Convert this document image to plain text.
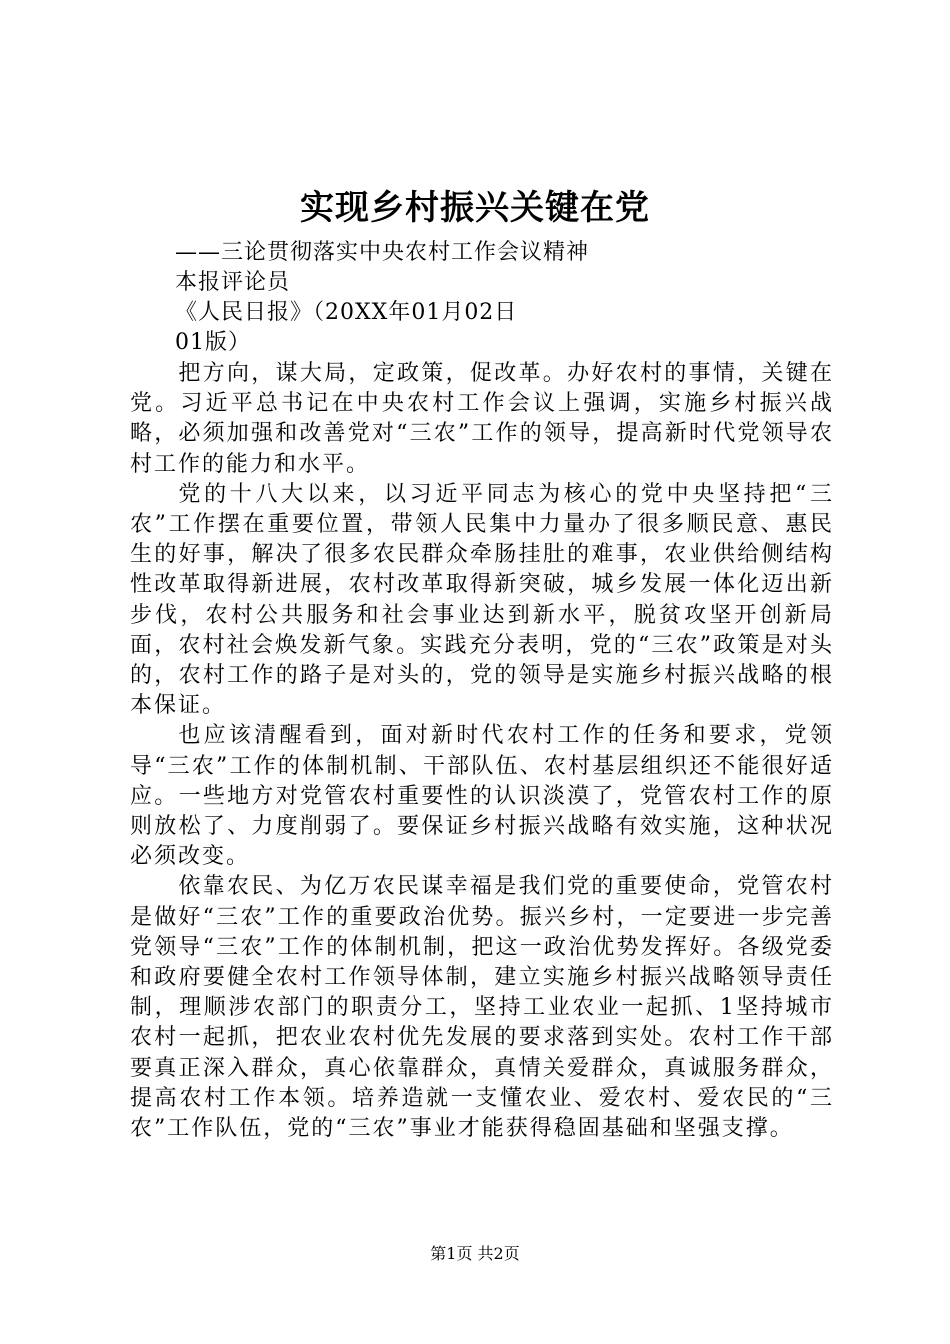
实现乡村振兴关键在党
——三论贯彻落实中央农村工作会议精神
本报评论员
《人民日报》（20XX年01月02日
01版）

把方向，谋大局，定政策，促改革。办好农村的事情，关键在党。习近平总书记在中央农村工作会议上强调，实施乡村振兴战略，必须加强和改善党对“三农”工作的领导，提高新时代党领导农村工作的能力和水平。

党的十八大以来，以习近平同志为核心的党中央坚持把“三农”工作摆在重要位置，带领人民集中力量办了很多顺民意、惠民生的好事，解决了很多农民群众牵肠挂肚的难事，农业供给侧结构性改革取得新进展，农村改革取得新突破，城乡发展一体化迈出新步伐，农村公共服务和社会事业达到新水平，脱贫攻坚开创新局面，农村社会焕发新气象。实践充分表明，党的“三农”政策是对头的，农村工作的路子是对头的，党的领导是实施乡村振兴战略的根本保证。

也应该清醒看到，面对新时代农村工作的任务和要求，党领导“三农”工作的体制机制、干部队伍、农村基层组织还不能很好适应。一些地方对党管农村重要性的认识淡漠了，党管农村工作的原则放松了、力度削弱了。要保证乡村振兴战略有效实施，这种状况必须改变。

依靠农民、为亿万农民谋幸福是我们党的重要使命，党管农村是做好“三农”工作的重要政治优势。振兴乡村，一定要进一步完善党领导“三农”工作的体制机制，把这一政治优势发挥好。各级党委和政府要健全农村工作领导体制，建立实施乡村振兴战略领导责任制，理顺涉农部门的职责分工，坚持工业农业一起抓、1坚持城市农村一起抓，把农业农村优先发展的要求落到实处。农村工作干部要真正深入群众，真心依靠群众，真情关爱群众，真诚服务群众，提高农村工作本领。培养造就一支懂农业、爱农村、爱农民的“三农”工作队伍，党的“三农”事业才能获得稳固基础和坚强支撑。

第1页 共2页
